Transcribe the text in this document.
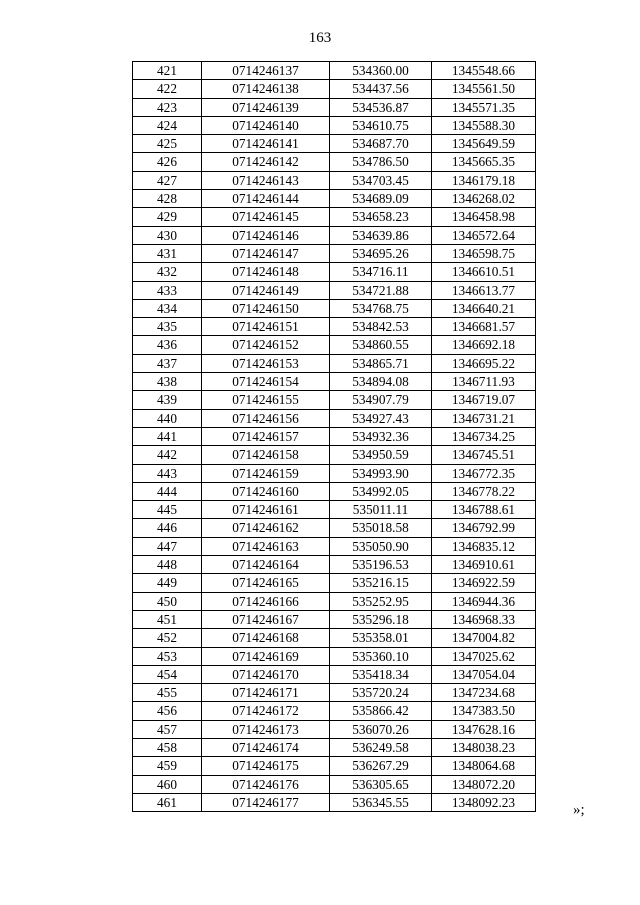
163
421	0714246137	534360.00	1345548.66
422	0714246138	534437.56	1345561.50
423	0714246139	534536.87	1345571.35
424	0714246140	534610.75	1345588.30
425	0714246141	534687.70	1345649.59
426	0714246142	534786.50	1345665.35
427	0714246143	534703.45	1346179.18
428	0714246144	534689.09	1346268.02
429	0714246145	534658.23	1346458.98
430	0714246146	534639.86	1346572.64
431	0714246147	534695.26	1346598.75
432	0714246148	534716.11	1346610.51
433	0714246149	534721.88	1346613.77
434	0714246150	534768.75	1346640.21
435	0714246151	534842.53	1346681.57
436	0714246152	534860.55	1346692.18
437	0714246153	534865.71	1346695.22
438	0714246154	534894.08	1346711.93
439	0714246155	534907.79	1346719.07
440	0714246156	534927.43	1346731.21
441	0714246157	534932.36	1346734.25
442	0714246158	534950.59	1346745.51
443	0714246159	534993.90	1346772.35
444	0714246160	534992.05	1346778.22
445	0714246161	535011.11	1346788.61
446	0714246162	535018.58	1346792.99
447	0714246163	535050.90	1346835.12
448	0714246164	535196.53	1346910.61
449	0714246165	535216.15	1346922.59
450	0714246166	535252.95	1346944.36
451	0714246167	535296.18	1346968.33
452	0714246168	535358.01	1347004.82
453	0714246169	535360.10	1347025.62
454	0714246170	535418.34	1347054.04
455	0714246171	535720.24	1347234.68
456	0714246172	535866.42	1347383.50
457	0714246173	536070.26	1347628.16
458	0714246174	536249.58	1348038.23
459	0714246175	536267.29	1348064.68
460	0714246176	536305.65	1348072.20
461	0714246177	536345.55	1348092.23	»;
